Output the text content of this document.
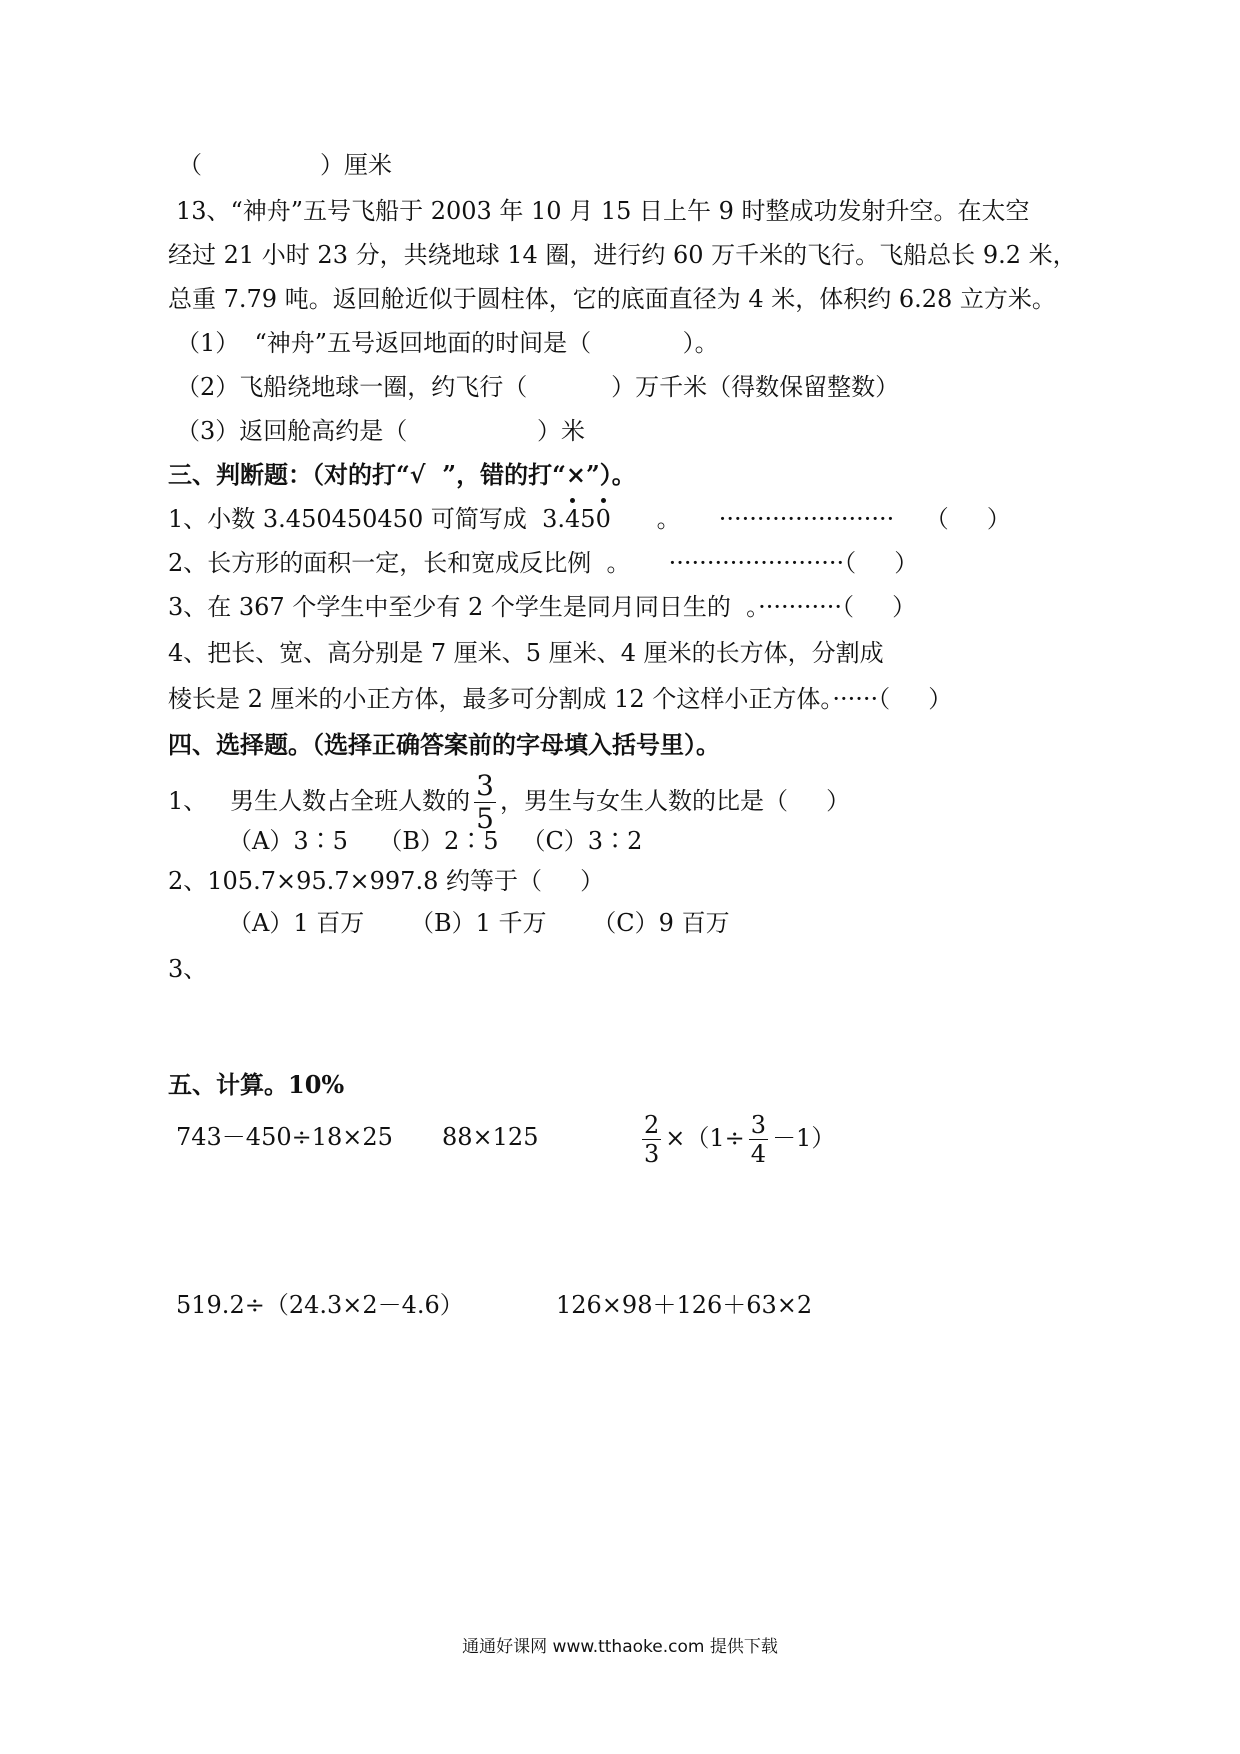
（	）厘米
13、“神舟”五号飞船于 2003 年 10 月 15 日上午 9 时整成功发射升空。在太空
经过 21 小时 23 分，共绕地球 14 圈，进行约 60 万千米的飞行。飞船总长 9.2 米，
总重 7.79 吨。返回舱近似于圆柱体，它的底面直径为 4 米，体积约 6.28 立方米。
（1）  “神舟”五号返回地面的时间是（            ）。
（2）飞船绕地球一圈，约飞行（           ）万千米（得数保留整数）
（3）返回舱高约是（                 ）米
三、判断题：（对的打“√  ”，错的打“×”）。
1、小数 3.450450450 可简写成  3.
45
0      。     ·······················    （     ）
2、长方形的面积一定，长和宽成反比例  。     ·······················（     ）
3、在 367 个学生中至少有 2 个学生是同月同日生的  。···········（     ）
4、把长、宽、高分别是 7 厘米、5 厘米、4 厘米的长方体，分割成
棱长是 2 厘米的小正方体，最多可分割成 12 个这样小正方体。······（     ）
四、选择题。（选择正确答案前的字母填入括号里）。
1、   男生人数占全班人数的 $\frac{3}{5}$ ，男生与女生人数的比是（     ）
（A）3∶5    （B）2∶5   （C）3∶2
2、105.7×95.7×997.8 约等于（     ）
（A）1 百万      （B）1 千万      （C）9 百万
3、
五、计算。10%
743－450÷18×25 88×125	$\frac{2}{3} \times(1\div \frac{3}{4} -1)$
519.2÷（24.3×2－4.6）	126×98＋126＋63×2
通通好课网 www.tthaoke.com 提供下载
